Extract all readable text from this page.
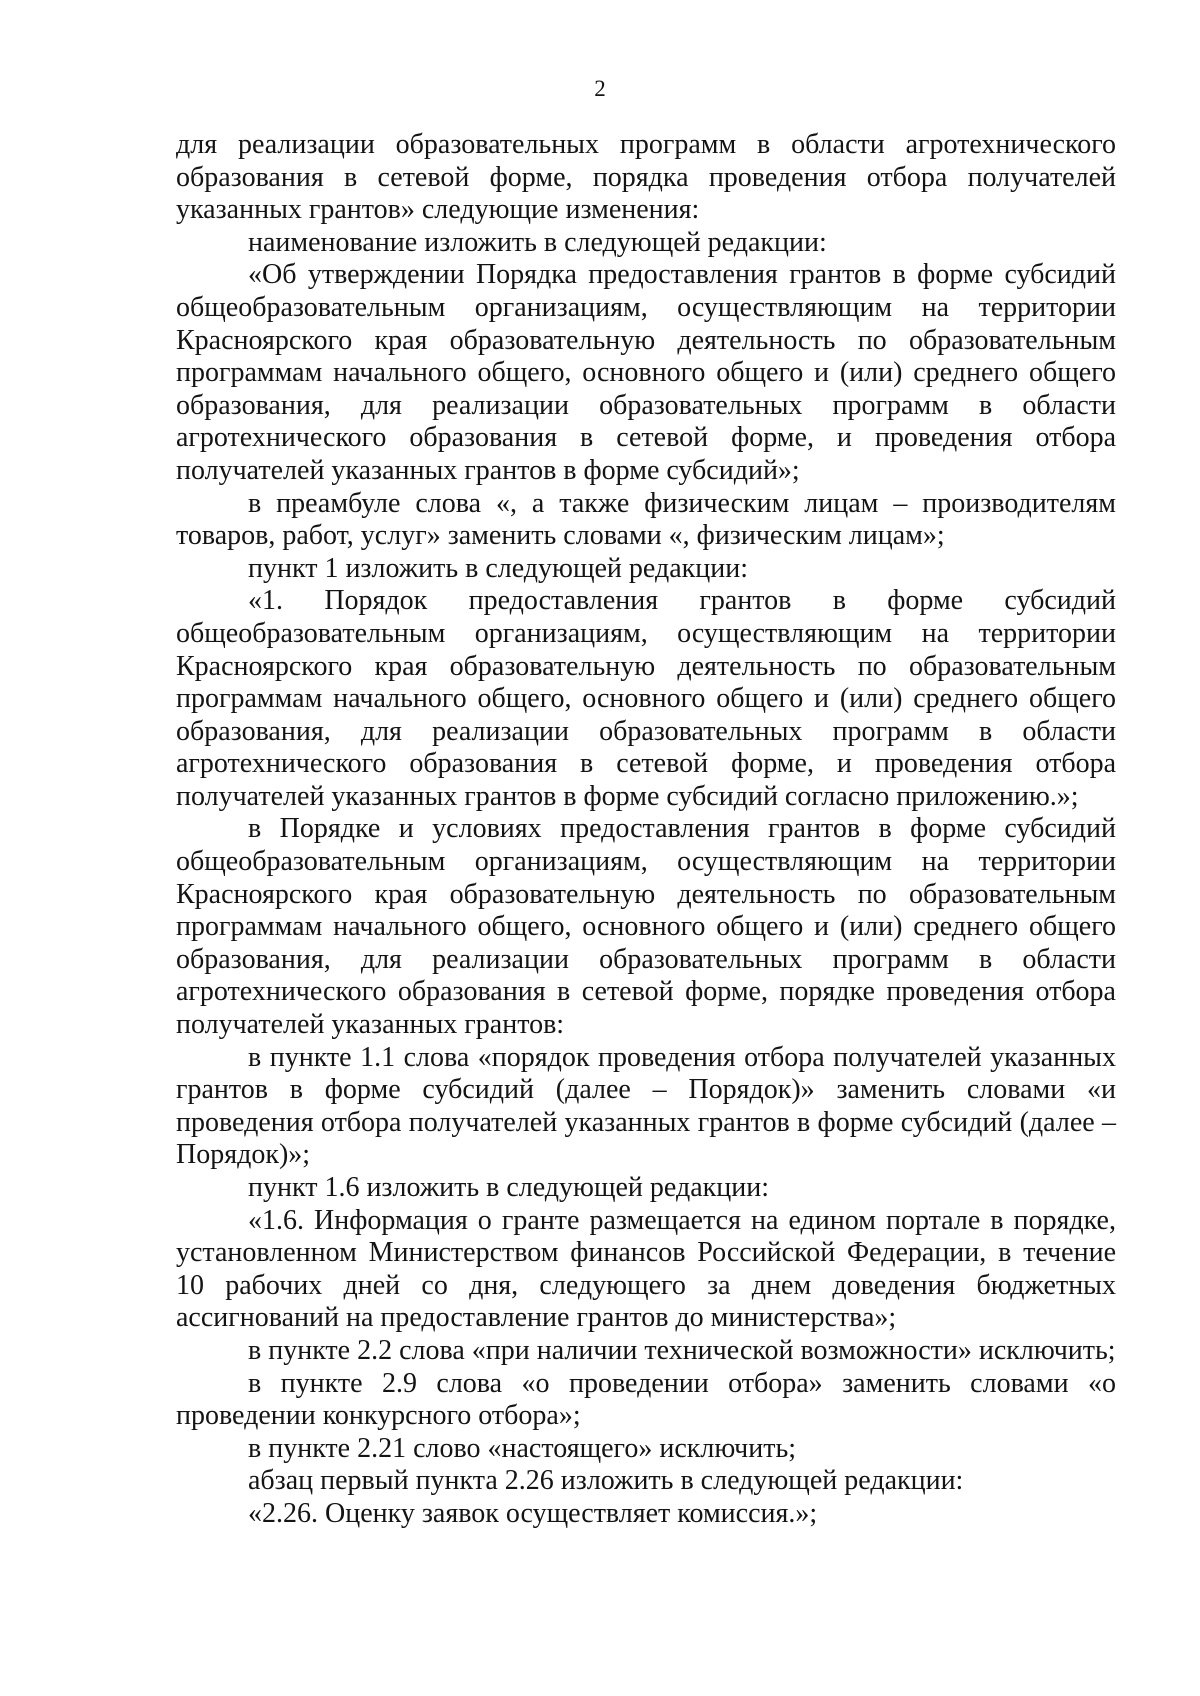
2

для реализации образовательных программ в области агротехнического образования в сетевой форме, порядка проведения отбора получателей указанных грантов» следующие изменения:

наименование изложить в следующей редакции:

«Об утверждении Порядка предоставления грантов в форме субсидий общеобразовательным организациям, осуществляющим на территории Красноярского края образовательную деятельность по образовательным программам начального общего, основного общего и (или) среднего общего образования, для реализации образовательных программ в области агротехнического образования в сетевой форме, и проведения отбора получателей указанных грантов в форме субсидий»;

в преамбуле слова «, а также физическим лицам – производителям товаров, работ, услуг» заменить словами «, физическим лицам»;

пункт 1 изложить в следующей редакции:

«1. Порядок предоставления грантов в форме субсидий общеобразовательным организациям, осуществляющим на территории Красноярского края образовательную деятельность по образовательным программам начального общего, основного общего и (или) среднего общего образования, для реализации образовательных программ в области агротехнического образования в сетевой форме, и проведения отбора получателей указанных грантов в форме субсидий согласно приложению.»;

в Порядке и условиях предоставления грантов в форме субсидий общеобразовательным организациям, осуществляющим на территории Красноярского края образовательную деятельность по образовательным программам начального общего, основного общего и (или) среднего общего образования, для реализации образовательных программ в области агротехнического образования в сетевой форме, порядке проведения отбора получателей указанных грантов:

в пункте 1.1 слова «порядок проведения отбора получателей указанных грантов в форме субсидий (далее – Порядок)» заменить словами «и проведения отбора получателей указанных грантов в форме субсидий (далее – Порядок)»;

пункт 1.6 изложить в следующей редакции:

«1.6. Информация о гранте размещается на едином портале в порядке, установленном Министерством финансов Российской Федерации, в течение 10 рабочих дней со дня, следующего за днем доведения бюджетных ассигнований на предоставление грантов до министерства»;

в пункте 2.2 слова «при наличии технической возможности» исключить;

в пункте 2.9 слова «о проведении отбора» заменить словами «о проведении конкурсного отбора»;

в пункте 2.21 слово «настоящего» исключить;

абзац первый пункта 2.26 изложить в следующей редакции:

«2.26. Оценку заявок осуществляет комиссия.»;
